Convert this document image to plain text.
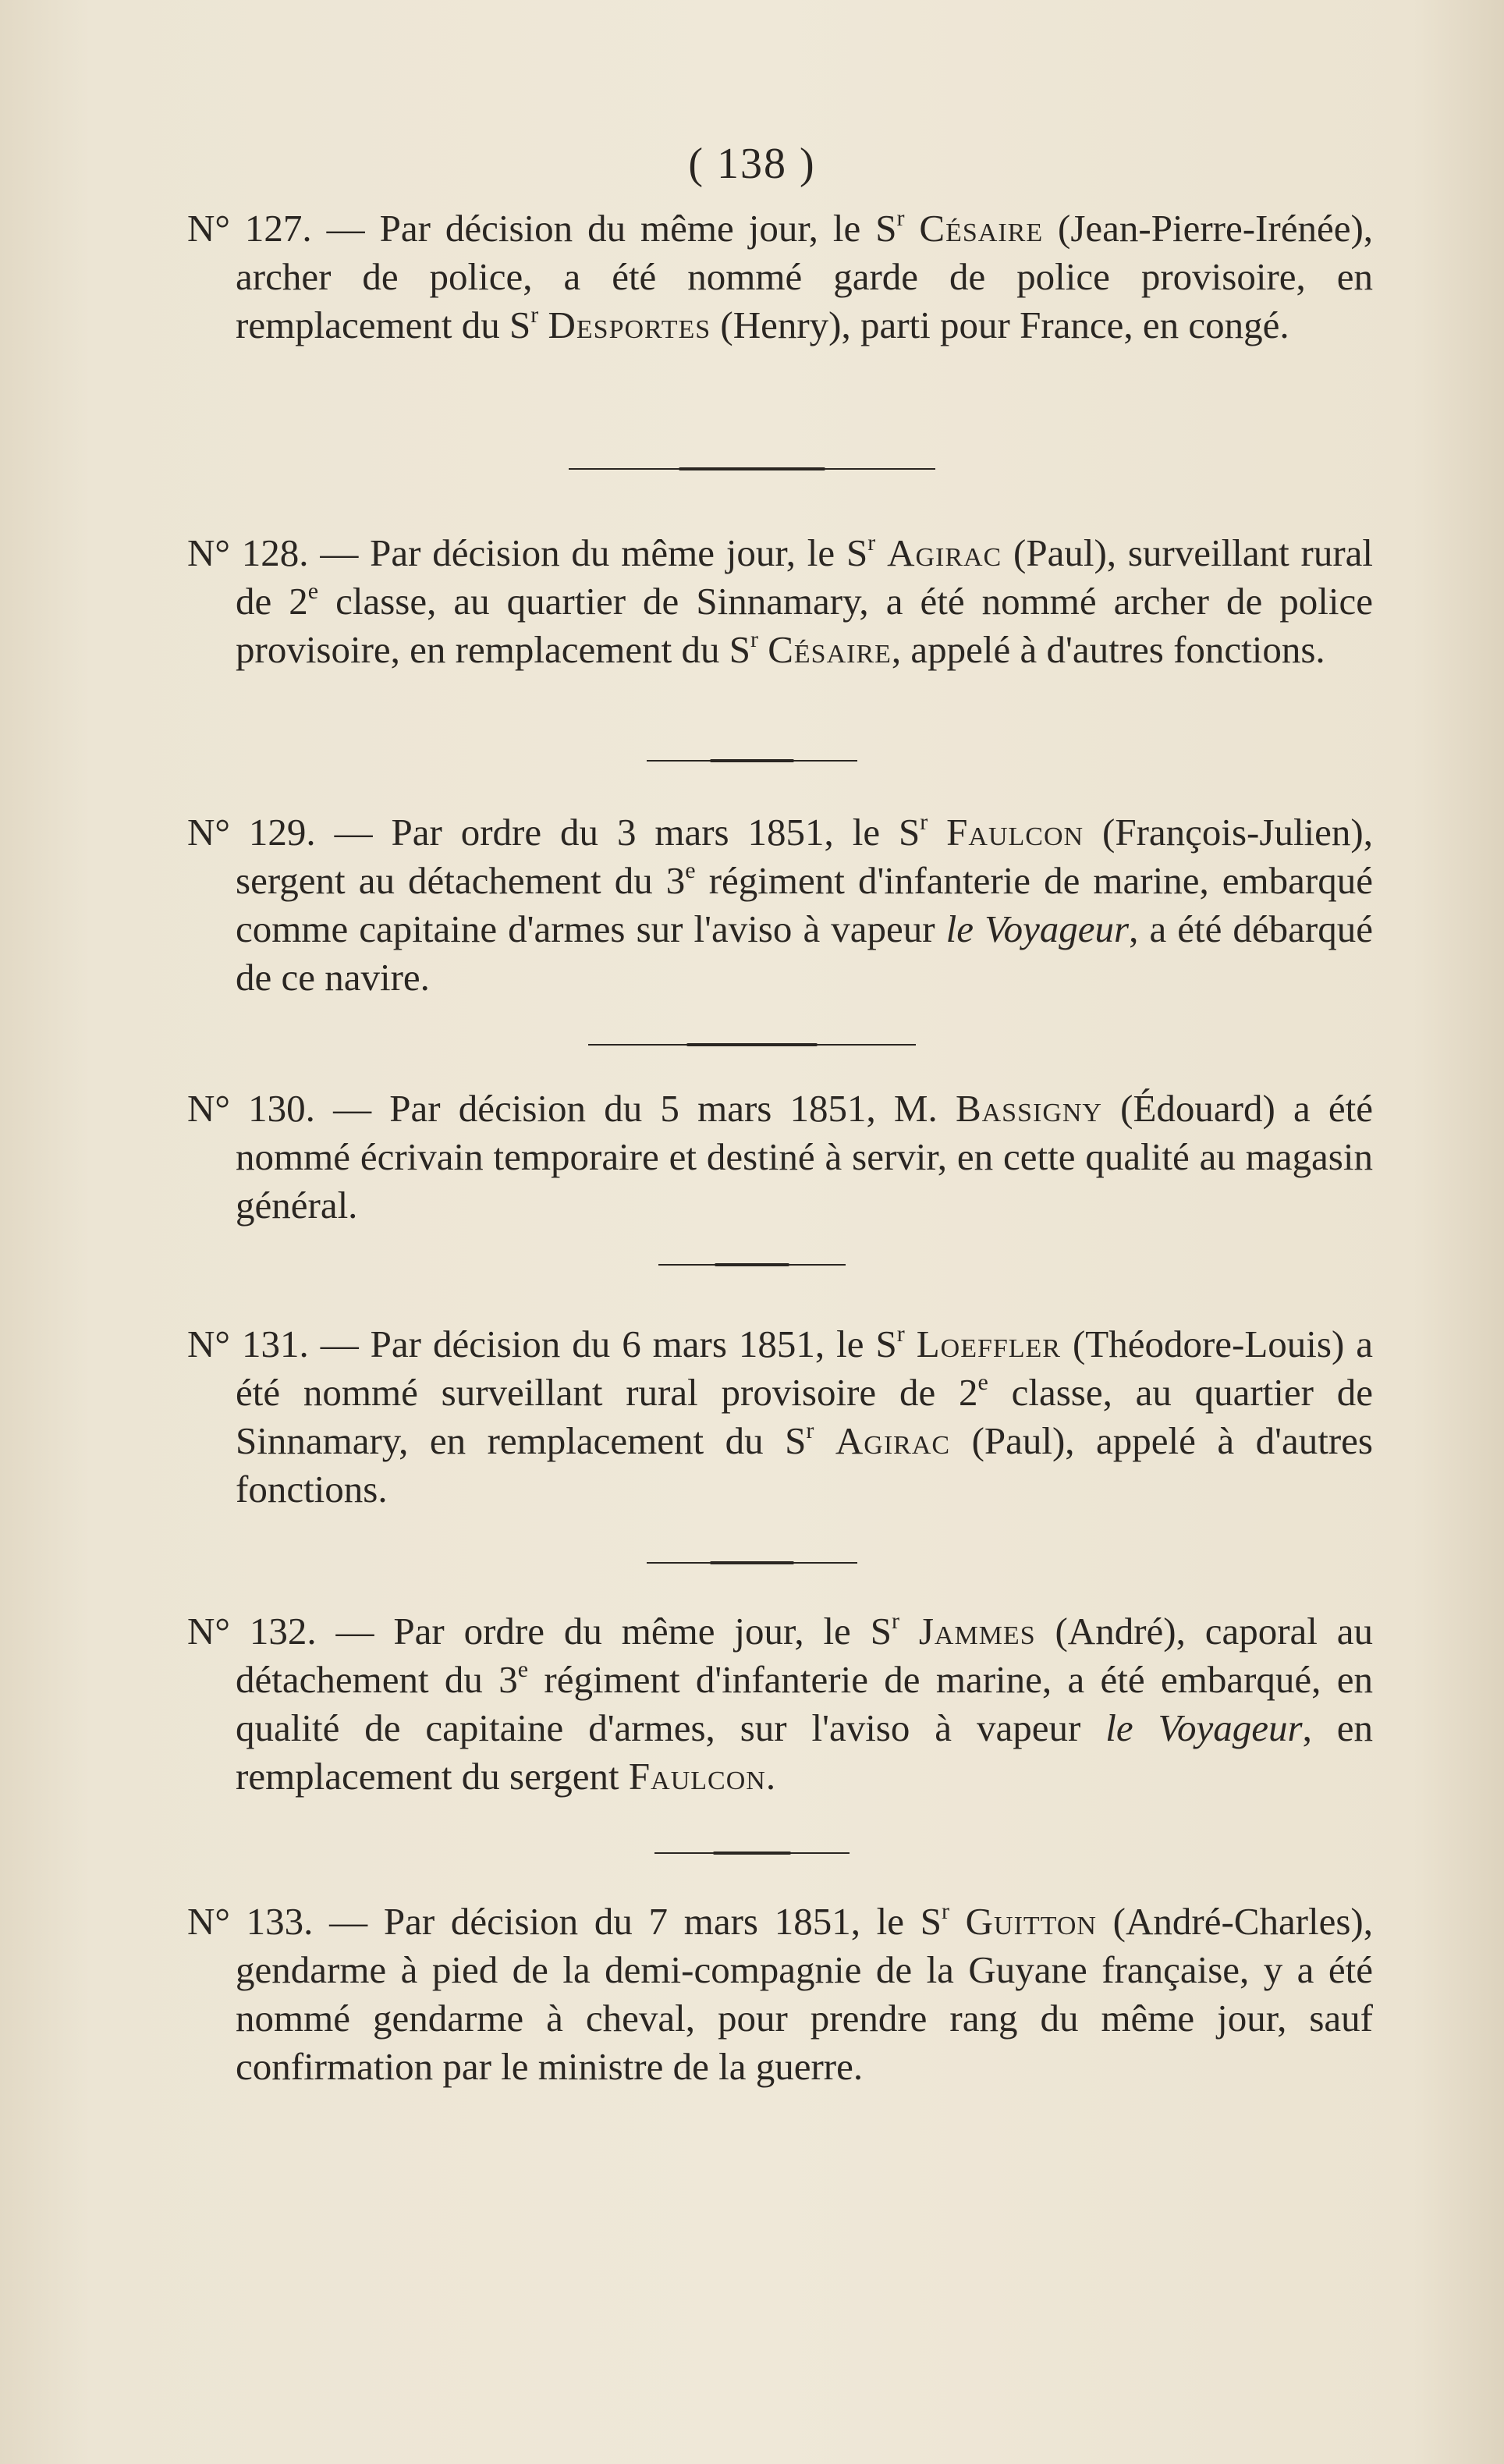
( 138 )

N° 127. — Par décision du même jour, le $S^r$ Césaire (Jean-Pierre-Irénée), archer de police, a été nommé garde de police provisoire, en remplacement du $S^r$ Desportes (Henry), parti pour France, en congé.

N° 128. — Par décision du même jour, le $S^r$ Agirac (Paul), surveillant rural de 2e classe, au quartier de Sinnamary, a été nommé archer de police provisoire, en remplacement du $S^r$ Césaire, appelé à d'autres fonctions.

N° 129. — Par ordre du 3 mars 1851, le $S^r$ Faulcon (François-Julien), sergent au détachement du 3e régiment d'infanterie de marine, embarqué comme capitaine d'armes sur l'aviso à vapeur le Voyageur, a été débarqué de ce navire.

N° 130. — Par décision du 5 mars 1851, M. Bassigny (Édouard) a été nommé écrivain temporaire et destiné à servir, en cette qualité au magasin général.

N° 131. — Par décision du 6 mars 1851, le $S^r$ Loeffler (Théodore-Louis) a été nommé surveillant rural provisoire de 2e classe, au quartier de Sinnamary, en remplacement du $S^r$ Agirac (Paul), appelé à d'autres fonctions.

N° 132. — Par ordre du même jour, le $S^r$ Jammes (André), caporal au détachement du 3e régiment d'infanterie de marine, a été embarqué, en qualité de capitaine d'armes, sur l'aviso à vapeur le Voyageur, en remplacement du sergent Faulcon.

N° 133. — Par décision du 7 mars 1851, le $S^r$ Guitton (André-Charles), gendarme à pied de la demi-compagnie de la Guyane française, y a été nommé gendarme à cheval, pour prendre rang du même jour, sauf confirmation par le ministre de la guerre.
